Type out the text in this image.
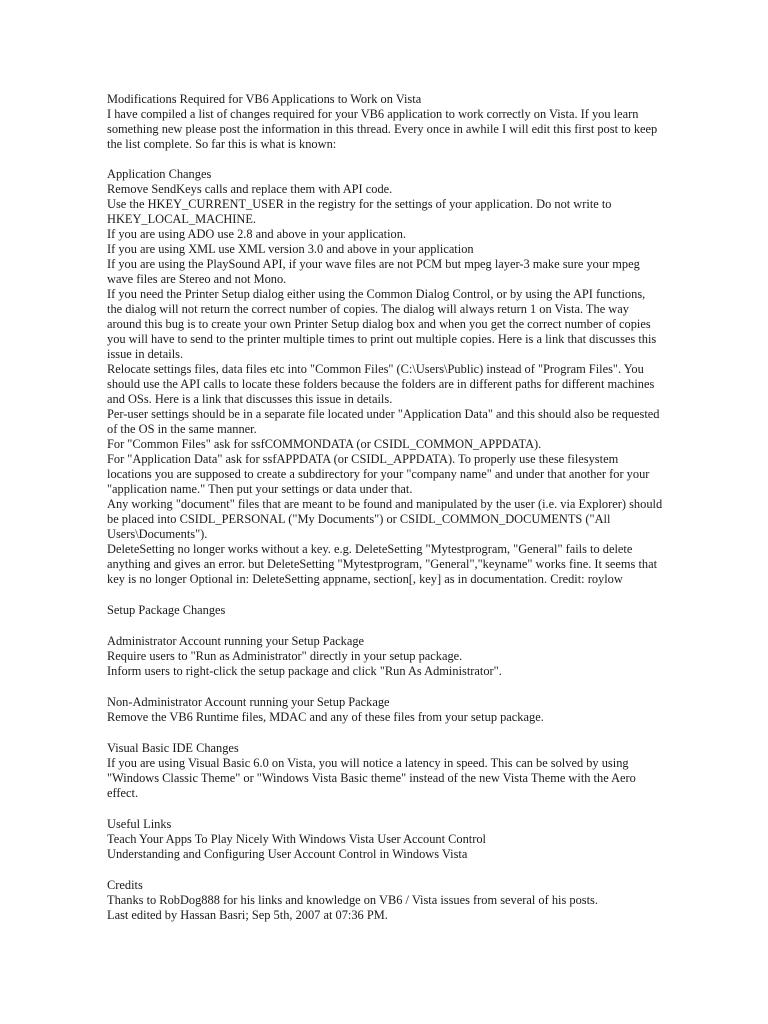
Modifications Required for VB6 Applications to Work on Vista
I have compiled a list of changes required for your VB6 application to work correctly on Vista. If you learn something new please post the information in this thread. Every once in awhile I will edit this first post to keep the list complete. So far this is what is known:
Application Changes
Remove SendKeys calls and replace them with API code.
Use the HKEY_CURRENT_USER in the registry for the settings of your application. Do not write to HKEY_LOCAL_MACHINE.
If you are using ADO use 2.8 and above in your application.
If you are using XML use XML version 3.0 and above in your application
If you are using the PlaySound API, if your wave files are not PCM but mpeg layer-3 make sure your mpeg wave files are Stereo and not Mono.
If you need the Printer Setup dialog either using the Common Dialog Control, or by using the API functions, the dialog will not return the correct number of copies. The dialog will always return 1 on Vista. The way around this bug is to create your own Printer Setup dialog box and when you get the correct number of copies you will have to send to the printer multiple times to print out multiple copies. Here is a link that discusses this issue in details.
Relocate settings files, data files etc into "Common Files" (C:\Users\Public) instead of "Program Files". You should use the API calls to locate these folders because the folders are in different paths for different machines and OSs. Here is a link that discusses this issue in details.
Per-user settings should be in a separate file located under "Application Data" and this should also be requested of the OS in the same manner.
For "Common Files" ask for ssfCOMMONDATA (or CSIDL_COMMON_APPDATA).
For "Application Data" ask for ssfAPPDATA (or CSIDL_APPDATA). To properly use these filesystem locations you are supposed to create a subdirectory for your "company name" and under that another for your "application name." Then put your settings or data under that.
Any working "document" files that are meant to be found and manipulated by the user (i.e. via Explorer) should be placed into CSIDL_PERSONAL ("My Documents") or CSIDL_COMMON_DOCUMENTS ("All Users\Documents").
DeleteSetting no longer works without a key. e.g. DeleteSetting "Mytestprogram, "General" fails to delete anything and gives an error. but DeleteSetting "Mytestprogram, "General","keyname" works fine. It seems that key is no longer Optional in: DeleteSetting appname, section[, key] as in documentation. Credit: roylow
Setup Package Changes
Administrator Account running your Setup Package
Require users to "Run as Administrator" directly in your setup package.
Inform users to right-click the setup package and click "Run As Administrator".
Non-Administrator Account running your Setup Package
Remove the VB6 Runtime files, MDAC and any of these files from your setup package.
Visual Basic IDE Changes
If you are using Visual Basic 6.0 on Vista, you will notice a latency in speed. This can be solved by using "Windows Classic Theme" or "Windows Vista Basic theme" instead of the new Vista Theme with the Aero effect.
Useful Links
Teach Your Apps To Play Nicely With Windows Vista User Account Control
Understanding and Configuring User Account Control in Windows Vista
Credits
Thanks to RobDog888 for his links and knowledge on VB6 / Vista issues from several of his posts.
Last edited by Hassan Basri; Sep 5th, 2007 at 07:36 PM.
